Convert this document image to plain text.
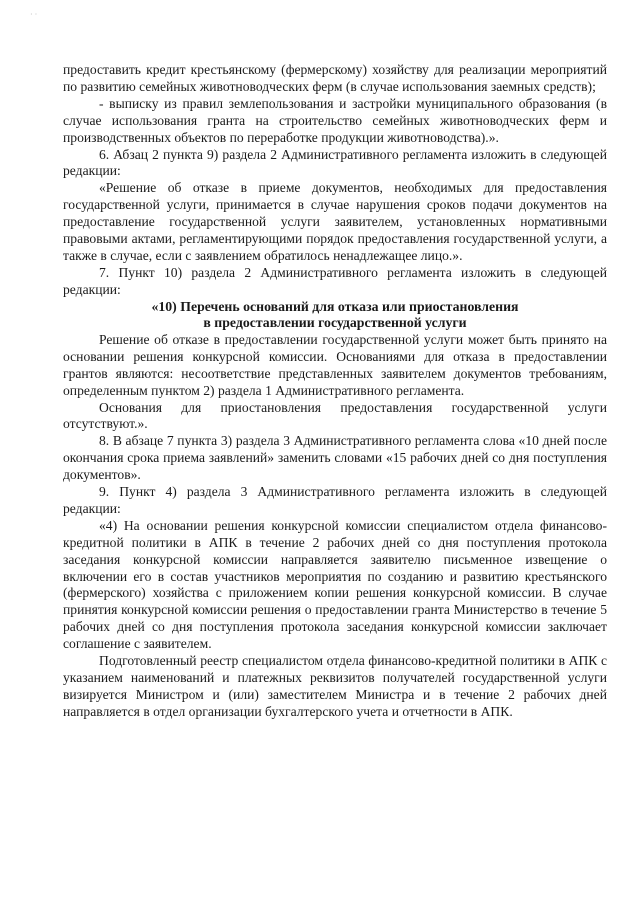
· ·

предоставить кредит крестьянскому (фермерскому) хозяйству для реализации мероприятий по развитию семейных животноводческих ферм (в случае использования заемных средств);

- выписку из правил землепользования и застройки муниципального образования (в случае использования гранта на строительство семейных животноводческих ферм и производственных объектов по переработке продукции животноводства).».

6. Абзац 2 пункта 9) раздела 2 Административного регламента изложить в следующей редакции:

«Решение об отказе в приеме документов, необходимых для предоставления государственной услуги, принимается в случае нарушения сроков подачи документов на предоставление государственной услуги заявителем, установленных нормативными правовыми актами, регламентирующими порядок предоставления государственной услуги, а также в случае, если с заявлением обратилось ненадлежащее лицо.».

7. Пункт 10) раздела 2 Административного регламента изложить в следующей редакции:

«10) Перечень оснований для отказа или приостановления

в предоставлении государственной услуги

Решение об отказе в предоставлении государственной услуги может быть принято на основании решения конкурсной комиссии. Основаниями для отказа в предоставлении грантов являются: несоответствие представленных заявителем документов требованиям, определенным пунктом 2) раздела 1 Административного регламента.

Основания для приостановления предоставления государственной услуги отсутствуют.».

8. В абзаце 7 пункта 3) раздела 3 Административного регламента слова «10 дней после окончания срока приема заявлений» заменить словами «15 рабочих дней со дня поступления документов».

9. Пункт 4) раздела 3 Административного регламента изложить в следующей редакции:

«4) На основании решения конкурсной комиссии специалистом отдела финансово-кредитной политики в АПК в течение 2 рабочих дней со дня поступления протокола заседания конкурсной комиссии направляется заявителю письменное извещение о включении его в состав участников мероприятия по созданию и развитию крестьянского (фермерского) хозяйства с приложением копии решения конкурсной комиссии. В случае принятия конкурсной комиссии решения о предоставлении гранта Министерство в течение 5 рабочих дней со дня поступления протокола заседания конкурсной комиссии заключает соглашение с заявителем.

Подготовленный реестр специалистом отдела финансово-кредитной политики в АПК с указанием наименований и платежных реквизитов получателей государственной услуги визируется Министром и (или) заместителем Министра и в течение 2 рабочих дней направляется в отдел организации бухгалтерского учета и отчетности в АПК.
